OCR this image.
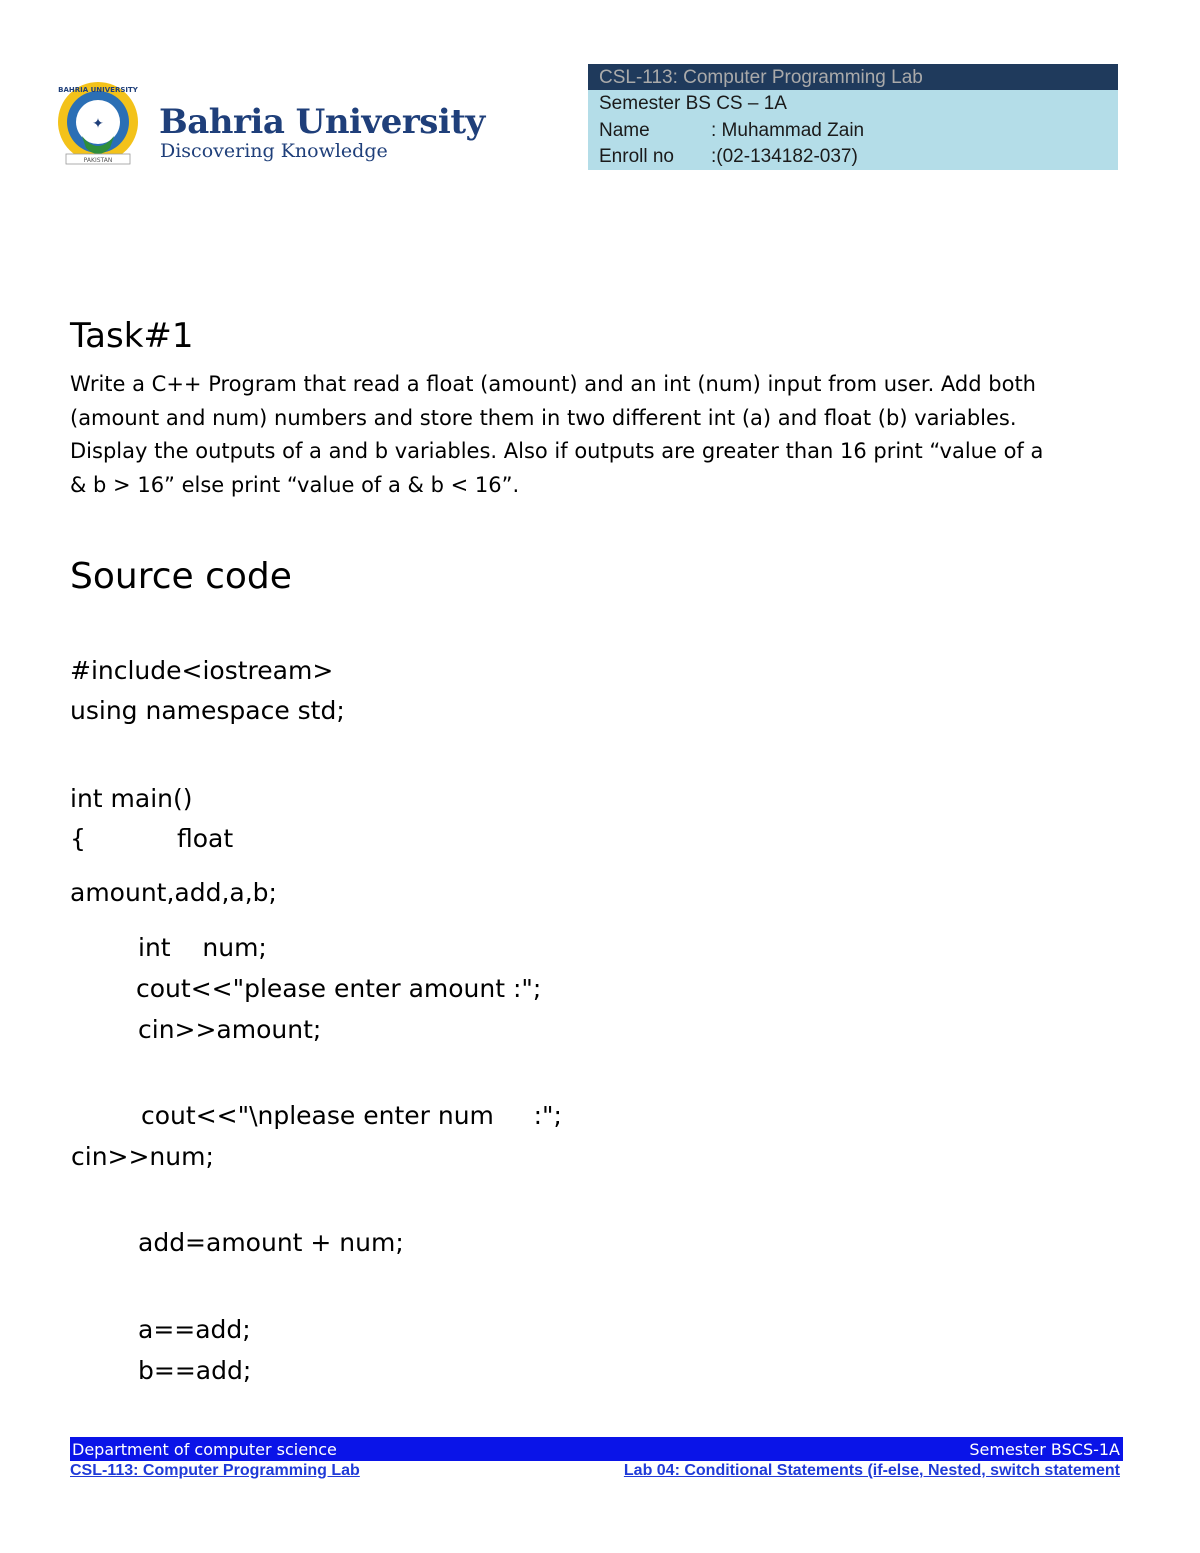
✦
PAKISTAN
BAHRIA UNIVERSITY
Bahria University
Discovering Knowledge
CSL-113: Computer Programming Lab
Semester BS CS – 1A
Name	: Muhammad Zain
Enroll no :(02-134182-037)
Task#1
Write a C++ Program that read a float (amount) and an int (num) input from user. Add both (amount and num) numbers and store them in two different int (a) and float (b) variables. Display the outputs of a and b variables. Also if outputs are greater than 16 print “value of a & b > 16” else print “value of a & b < 16”.
Source code
#include<iostream>
using namespace std;
int main()
{	float
amount,add,a,b;
int    num;
cout<<"please enter amount :";
cin>>amount;
cout<<"\nplease enter num     :";
cin>>num;
add=amount + num;
a==add;
b==add;
Department of computer science	Semester BSCS-1A
CSL-113: Computer Programming Lab	Lab 04: Conditional Statements (if-else, Nested, switch statement
